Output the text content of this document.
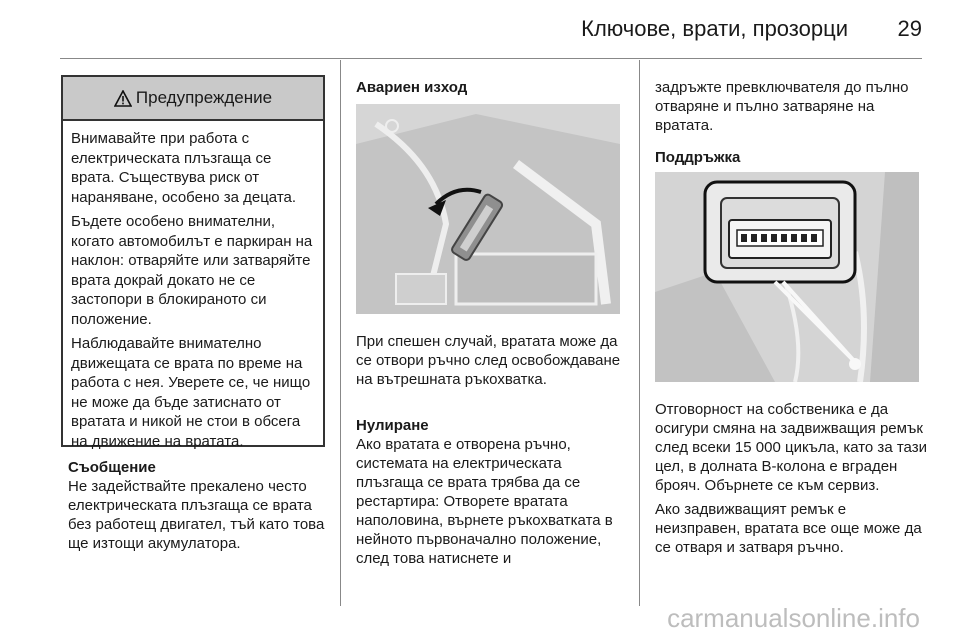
Ключове, врати, прозорци 29
Предупреждение

Внимавайте при работа с електрическата плъзгаща се врата. Съществува риск от нараняване, особено за децата.

Бъдете особено внимателни, когато автомобилът е паркиран на наклон: отваряйте или затваряйте врата докрай докато не се застопори в блокираното си положение.

Наблюдавайте внимателно движещата се врата по време на работа с нея. Уверете се, че нищо не може да бъде затиснато от вратата и никой не стои в обсега на движение на вратата.

Съобщение

Не задействайте прекалено често електрическата плъзгаща се врата без работещ двигател, тъй като това ще изтощи акумулатора.

Авариен изход

При спешен случай, вратата може да се отвори ръчно след освобождаване на вътрешната ръкохватка.

Нулиране

Ако вратата е отворена ръчно, системата на електрическата плъзгаща се врата трябва да се рестартира: Отворете вратата наполовина, върнете ръкохватката в нейното първоначално положение, след това натиснете и

задръжте превключвателя до пълно отваряне и пълно затваряне на вратата.

Поддръжка

Отговорност на собственика е да осигури смяна на задвижващия ремък след всеки 15 000 цикъла, като за тази цел, в долната B-колона е вграден брояч. Обърнете се към сервиз.

Ако задвижващият ремък е неизправен, вратата все още може да се отваря и затваря ръчно.

carmanualsonline.info
